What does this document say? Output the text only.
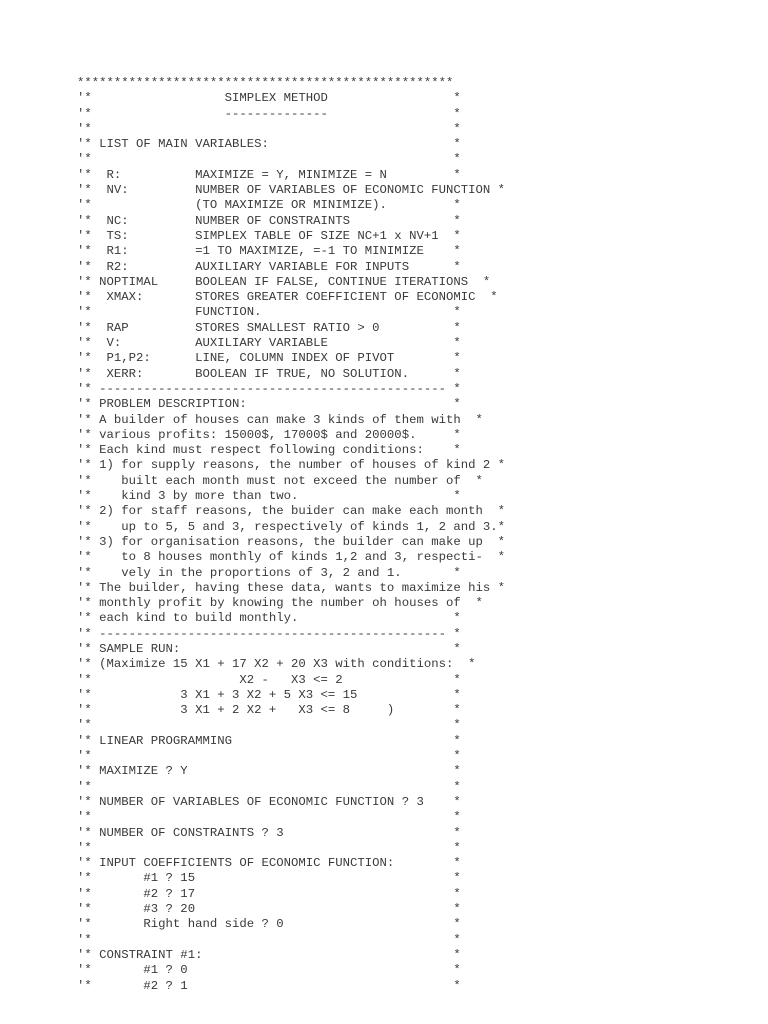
***************************************************
'*                  SIMPLEX METHOD                 *
'*                  --------------                 *
'*                                                 *
'* LIST OF MAIN VARIABLES:                         *
'*                                                 *
'*  R:          MAXIMIZE = Y, MINIMIZE = N         *
'*  NV:         NUMBER OF VARIABLES OF ECONOMIC FUNCTION *
'*              (TO MAXIMIZE OR MINIMIZE).         *
'*  NC:         NUMBER OF CONSTRAINTS              *
'*  TS:         SIMPLEX TABLE OF SIZE NC+1 x NV+1  *
'*  R1:         =1 TO MAXIMIZE, =-1 TO MINIMIZE    *
'*  R2:         AUXILIARY VARIABLE FOR INPUTS      *
'* NOPTIMAL     BOOLEAN IF FALSE, CONTINUE ITERATIONS  *
'*  XMAX:       STORES GREATER COEFFICIENT OF ECONOMIC  *
'*              FUNCTION.                          *
'*  RAP         STORES SMALLEST RATIO > 0          *
'*  V:          AUXILIARY VARIABLE                 *
'*  P1,P2:      LINE, COLUMN INDEX OF PIVOT        *
'*  XERR:       BOOLEAN IF TRUE, NO SOLUTION.      *
'* ----------------------------------------------- *
'* PROBLEM DESCRIPTION:                            *
'* A builder of houses can make 3 kinds of them with  *
'* various profits: 15000$, 17000$ and 20000$.     *
'* Each kind must respect following conditions:    *
'* 1) for supply reasons, the number of houses of kind 2 *
'*    built each month must not exceed the number of  *
'*    kind 3 by more than two.                     *
'* 2) for staff reasons, the buider can make each month  *
'*    up to 5, 5 and 3, respectively of kinds 1, 2 and 3.*
'* 3) for organisation reasons, the builder can make up  *
'*    to 8 houses monthly of kinds 1,2 and 3, respecti-  *
'*    vely in the proportions of 3, 2 and 1.       *
'* The builder, having these data, wants to maximize his *
'* monthly profit by knowing the number oh houses of  *
'* each kind to build monthly.                     *
'* ----------------------------------------------- *
'* SAMPLE RUN:                                     *
'* (Maximize 15 X1 + 17 X2 + 20 X3 with conditions:  *
'*                    X2 -   X3 <= 2               *
'*            3 X1 + 3 X2 + 5 X3 <= 15             *
'*            3 X1 + 2 X2 +   X3 <= 8     )        *
'*                                                 *
'* LINEAR PROGRAMMING                              *
'*                                                 *
'* MAXIMIZE ? Y                                    *
'*                                                 *
'* NUMBER OF VARIABLES OF ECONOMIC FUNCTION ? 3    *
'*                                                 *
'* NUMBER OF CONSTRAINTS ? 3                       *
'*                                                 *
'* INPUT COEFFICIENTS OF ECONOMIC FUNCTION:        *
'*       #1 ? 15                                   *
'*       #2 ? 17                                   *
'*       #3 ? 20                                   *
'*       Right hand side ? 0                       *
'*                                                 *
'* CONSTRAINT #1:                                  *
'*       #1 ? 0                                    *
'*       #2 ? 1                                    *
